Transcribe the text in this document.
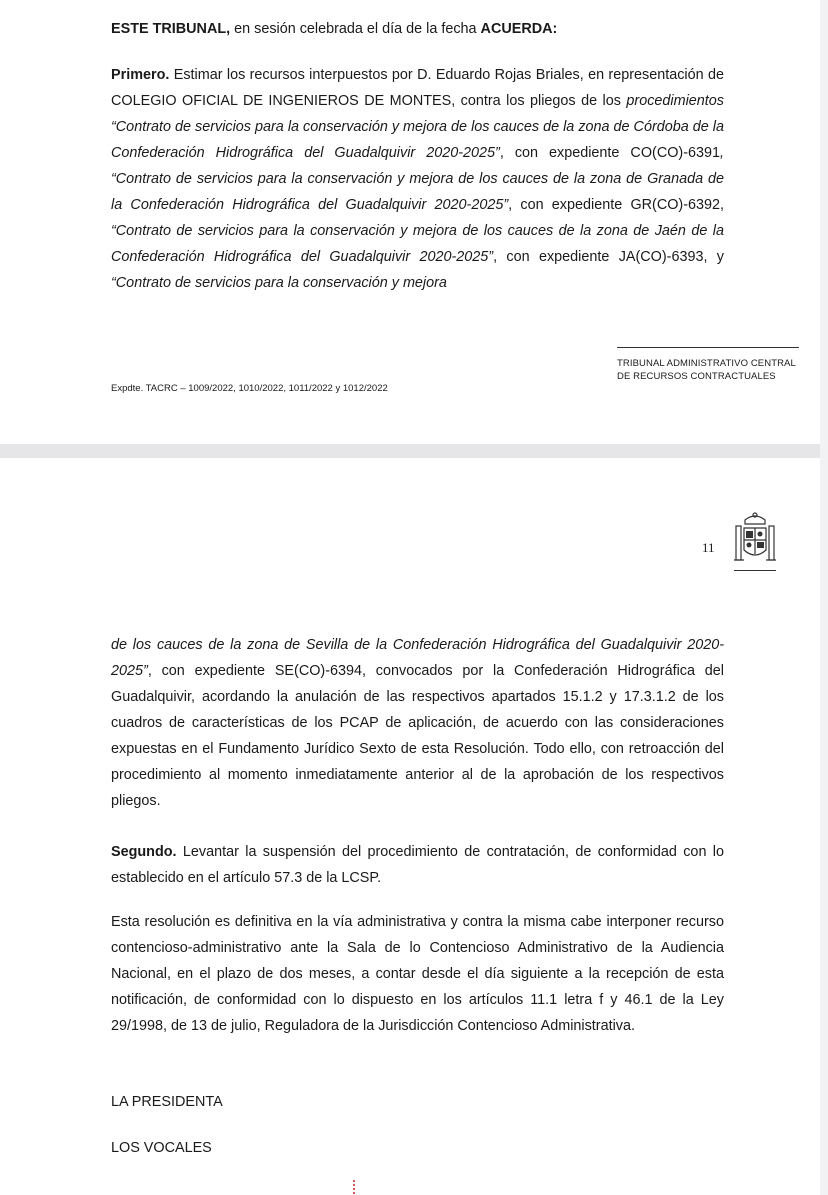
ESTE TRIBUNAL, en sesión celebrada el día de la fecha ACUERDA:

Primero. Estimar los recursos interpuestos por D. Eduardo Rojas Briales, en representación de COLEGIO OFICIAL DE INGENIEROS DE MONTES, contra los pliegos de los procedimientos “Contrato de servicios para la conservación y mejora de los cauces de la zona de Córdoba de la Confederación Hidrográfica del Guadalquivir 2020-2025”, con expediente CO(CO)-6391, “Contrato de servicios para la conservación y mejora de los cauces de la zona de Granada de la Confederación Hidrográfica del Guadalquivir 2020-2025”, con expediente GR(CO)-6392, “Contrato de servicios para la conservación y mejora de los cauces de la zona de Jaén de la Confederación Hidrográfica del Guadalquivir 2020-2025”, con expediente JA(CO)-6393, y “Contrato de servicios para la conservación y mejora

TRIBUNAL ADMINISTRATIVO CENTRAL
DE RECURSOS CONTRACTUALES
Expdte. TACRC – 1009/2022, 1010/2022, 1011/2022 y 1012/2022
11

de los cauces de la zona de Sevilla de la Confederación Hidrográfica del Guadalquivir 2020-2025”, con expediente SE(CO)-6394, convocados por la Confederación Hidrográfica del Guadalquivir, acordando la anulación de las respectivos apartados 15.1.2 y 17.3.1.2 de los cuadros de características de los PCAP de aplicación, de acuerdo con las consideraciones expuestas en el Fundamento Jurídico Sexto de esta Resolución. Todo ello, con retroacción del procedimiento al momento inmediatamente anterior al de la aprobación de los respectivos pliegos.

Segundo. Levantar la suspensión del procedimiento de contratación, de conformidad con lo establecido en el artículo 57.3 de la LCSP.

Esta resolución es definitiva en la vía administrativa y contra la misma cabe interponer recurso contencioso-administrativo ante la Sala de lo Contencioso Administrativo de la Audiencia Nacional, en el plazo de dos meses, a contar desde el día siguiente a la recepción de esta notificación, de conformidad con lo dispuesto en los artículos 11.1 letra f y 46.1 de la Ley 29/1998, de 13 de julio, Reguladora de la Jurisdicción Contencioso Administrativa.

LA PRESIDENTA
LOS VOCALES
